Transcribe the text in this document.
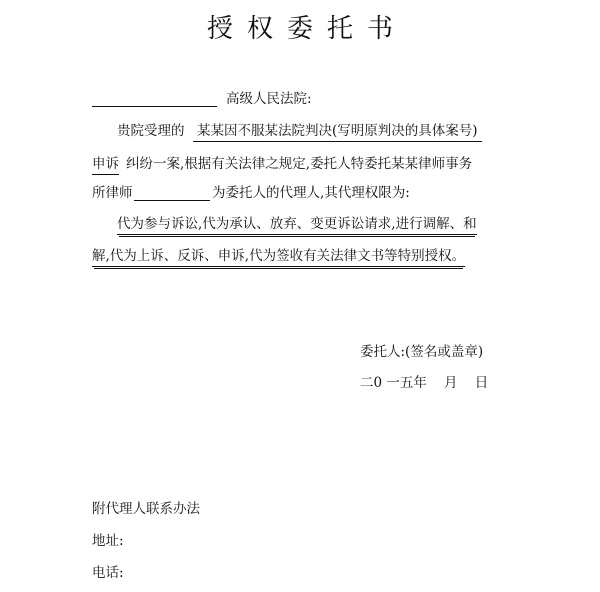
授权委托书
高级人民法院:
贵院受理的 某某因不服某法院判决(写明原判决的具体案号)
申诉 纠纷一案,根据有关法律之规定,委托人特委托某某律师事务
所律师	为委托人的代理人,其代理权限为:
代为参与诉讼,代为承认、放弃、变更诉讼请求,进行调解、和
解,代为上诉、反诉、申诉,代为签收有关法律文书等特别授权。
委托人:(签名或盖章)
二0 一五年    月    日
附代理人联系办法
地址:
电话:
